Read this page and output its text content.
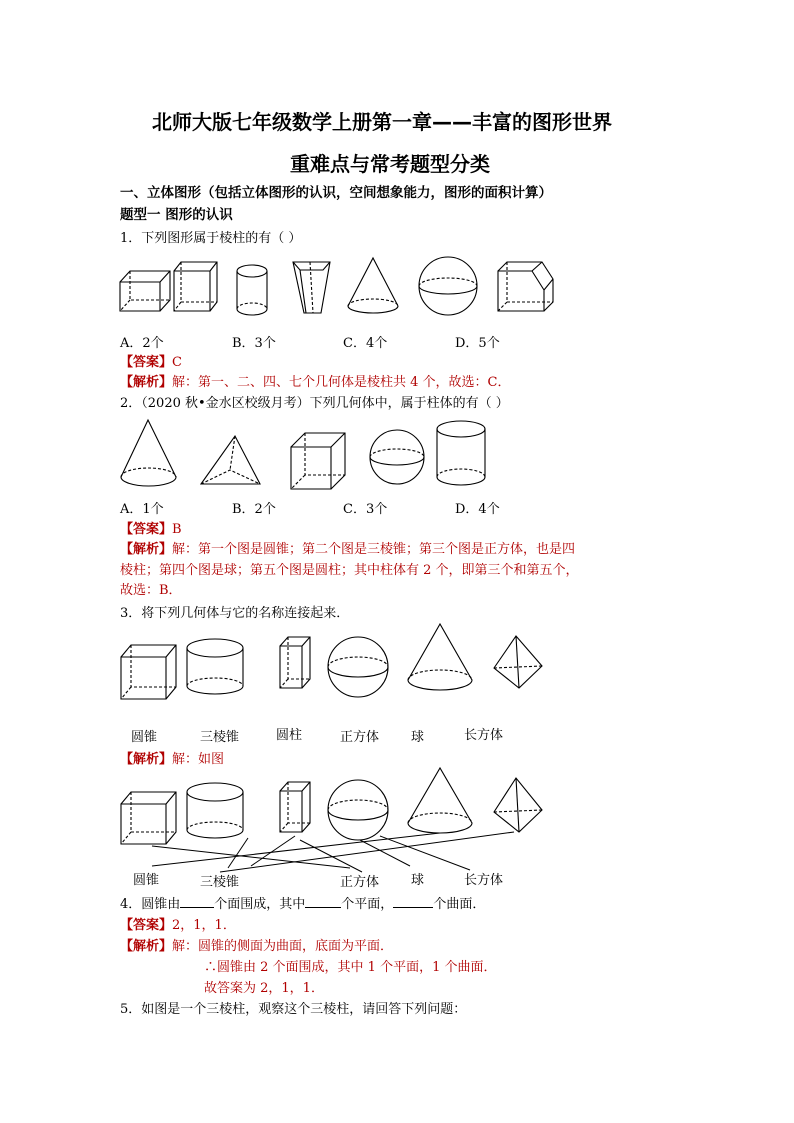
北师大版七年级数学上册第一章——丰富的图形世界
重难点与常考题型分类
一、立体图形（包括立体图形的认识，空间想象能力，图形的面积计算）
题型一 图形的认识
1．下列图形属于棱柱的有（ ）
A．2个	B．3个	C．4个	D．5个
【答案】C
【解析】解：第一、二、四、七个几何体是棱柱共 4 个，故选：C．
2．（2020 秋•金水区校级月考）下列几何体中，属于柱体的有（ ）
A．1个	B．2个	C．3个	D．4个
【答案】B
【解析】解：第一个图是圆锥；第二个图是三棱锥；第三个图是正方体，也是四
棱柱；第四个图是球；第五个图是圆柱；其中柱体有 2 个，即第三个和第五个，
故选：B．
3．将下列几何体与它的名称连接起来．
圆锥	三棱锥	圆柱	正方体 球	长方体
【解析】解：如图
圆锥	三棱锥	正方体 球	长方体
4．圆锥由	个面围成，其中	个平面，	个曲面．
【答案】2，1，1．
【解析】解：圆锥的侧面为曲面，底面为平面．
∴圆锥由 2 个面围成，其中 1 个平面，1 个曲面．
故答案为 2，1，1．
5．如图是一个三棱柱，观察这个三棱柱，请回答下列问题：
